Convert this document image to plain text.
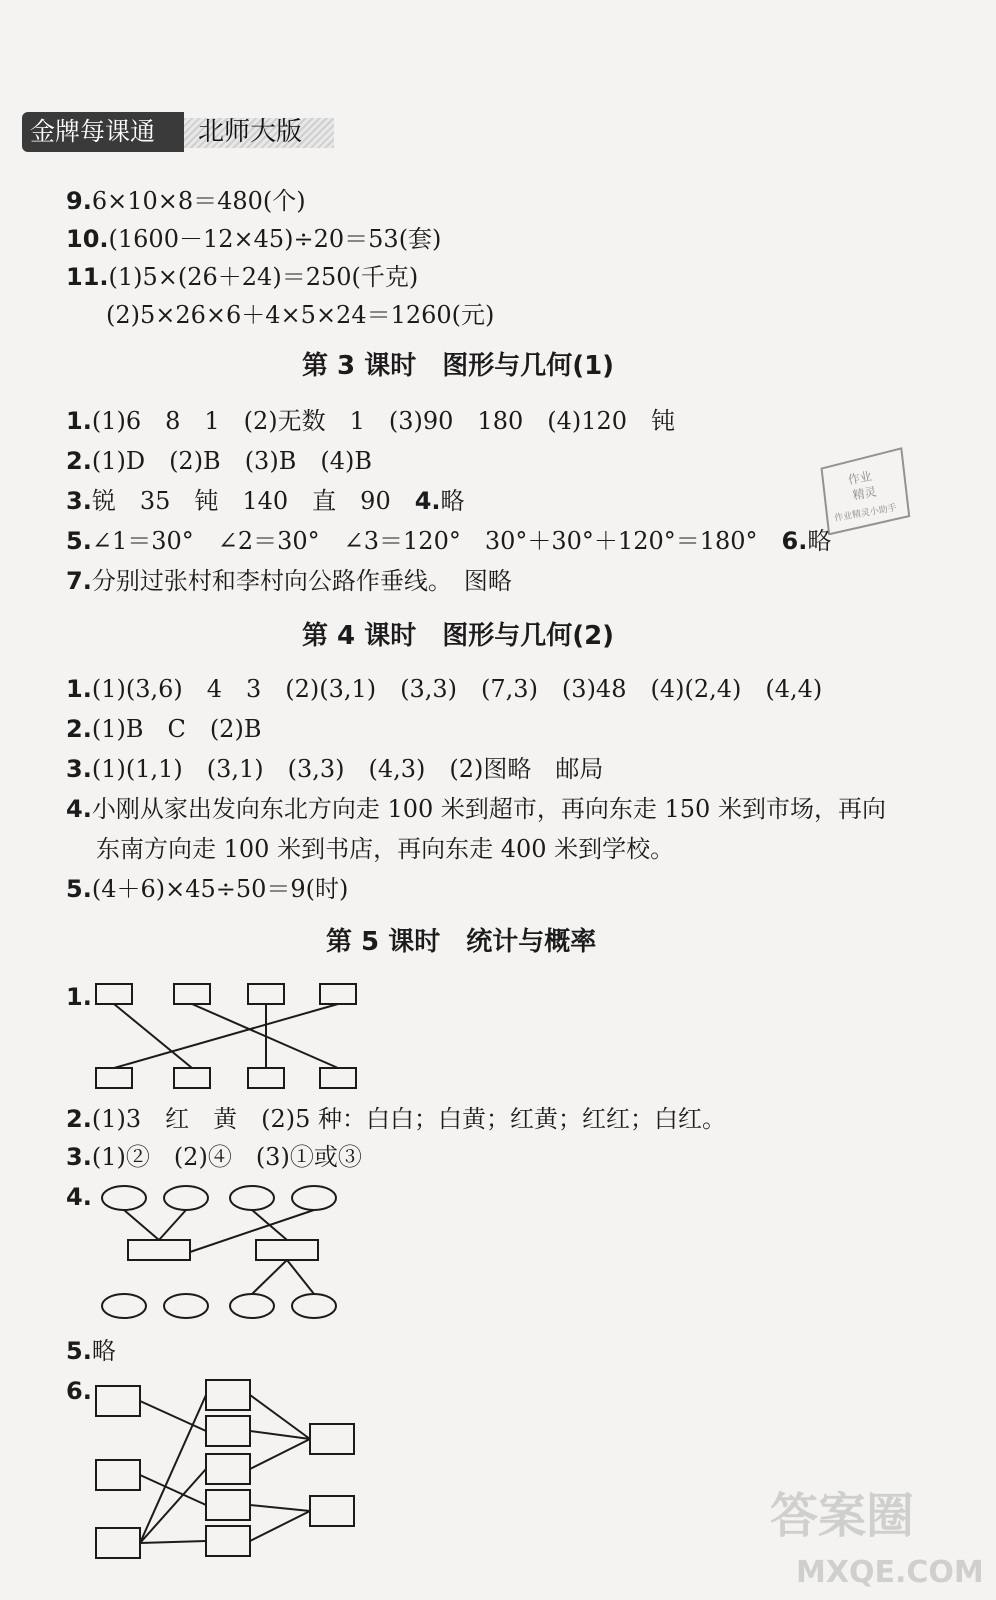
金牌每课通 北师大版
9.6×10×8＝480(个)
10.(1600－12×45)÷20＝53(套)
11.(1)5×(26＋24)＝250(千克)
(2)5×26×6＋4×5×24＝1260(元)
第 3 课时　图形与几何(1)
1.(1)6　8　1　(2)无数　1　(3)90　180　(4)120　钝
2.(1)D　(2)B　(3)B　(4)B
3.锐　35　钝　140　直　90　 4.略
5.∠1＝30°　∠2＝30°　∠3＝120°　30°＋30°＋120°＝180°　 6.略
7.分别过张村和李村向公路作垂线。　图略
第 4 课时　图形与几何(2)
1.(1)(3,6)　4　3　(2)(3,1)　(3,3)　(7,3)　(3)48　(4)(2,4)　(4,4)
2.(1)B　C　(2)B
3.(1)(1,1)　(3,1)　(3,3)　(4,3)　(2)图略　邮局
4.小刚从家出发向东北方向走 100 米到超市，再向东走 150 米到市场，再向
东南方向走 100 米到书店，再向东走 400 米到学校。
5.(4＋6)×45÷50＝9(时)
第 5 课时　统计与概率
1.
2.(1)3　红　黄　(2)5 种：白白；白黄；红黄；红红；白红。
3.(1)②　(2)④　(3)①或③
4.
5.略
6.
作业
精灵
作业精灵小助手
答案圈
MXQE.COM
